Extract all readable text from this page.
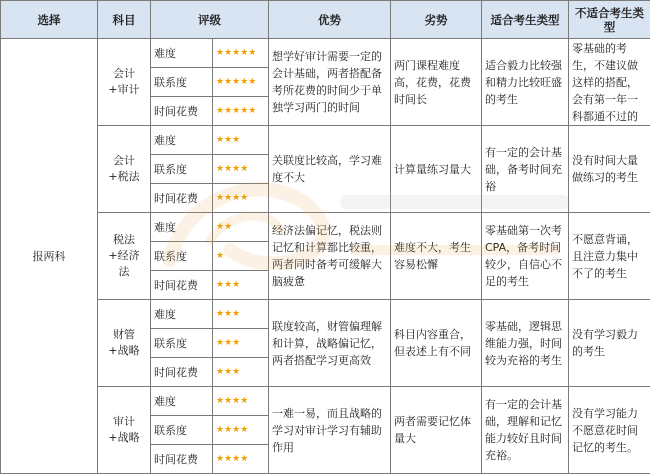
选择	科目	评级		优势	劣势	适合考生类型	不适合考生类型
报两科	会计+审计	难度	★★★★★	想学好审计需要一定的会计基础，两者搭配备考所花费的时间少于单独学习两门的时间	两门课程难度高，花费，花费时间长	适合毅力比较强和精力比较旺盛的考生	零基础的考生，不建议做这样的搭配，会有第一年一科都通不过的
		联系度	★★★★★				
		时间花费	★★★★★				
	会计+税法	难度	★★★	关联度比较高，学习难度不大	计算量练习量大	有一定的会计基础，备考时间充裕	没有时间大量做练习的考生
		联系度	★★★★				
		时间花费	★★★★				
	税法+经济法	难度	★★	经济法偏记忆，税法则记忆和计算都比较重，两者同时备考可缓解大脑疲惫	难度不大，考生容易松懈	零基础第一次考CPA，备考时间较少，自信心不足的考生	不愿意背诵，且注意力集中不了的考生
		联系度	★				
		时间花费	★★★				
	财管+战略	难度	★★★	联度较高，财管偏理解和计算，战略偏记忆，两者搭配学习更高效	科目内容重合，但表述上有不同	零基础，逻辑思维能力强，时间较为充裕的考生	没有学习毅力的考生
		联系度	★★★				
		时间花费	★★★				
	审计+战略	难度	★★★★	一难一易，而且战略的学习对审计学习有辅助作用	两者需要记忆体量大	有一定的会计基础，理解和记忆能力较好且时间充裕。	没有学习能力不愿意花时间记忆的考生。
		联系度	★★★★				
		时间花费	★★★★				
